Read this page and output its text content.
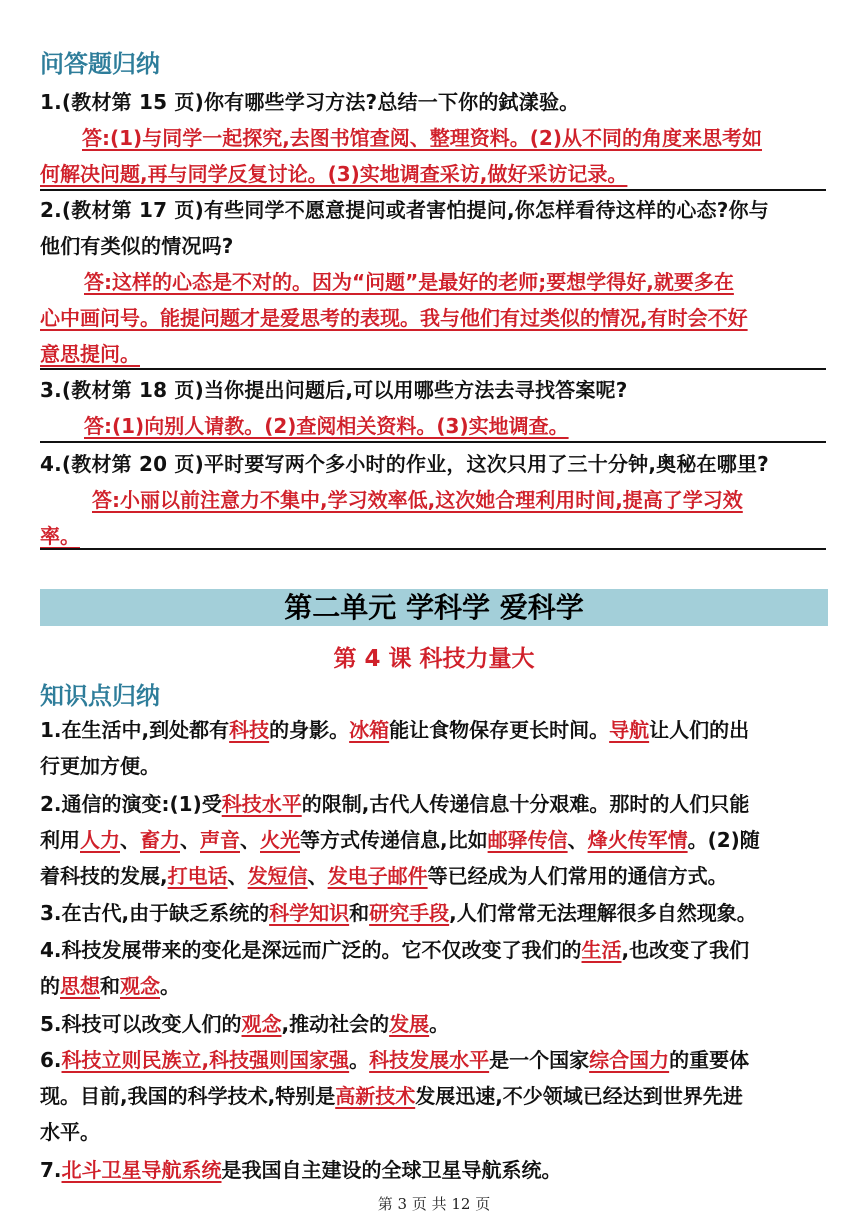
问答题归纳
1.(教材第 15 页)你有哪些学习方法?总结一下你的鉽漾验。
答:(1)与同学一起探究,去图书馆查阅、整理资料。(2)从不同的角度来思考如
何解决问题,再与同学反复讨论。(3)实地调查采访,做好采访记录。
2.(教材第 17 页)有些同学不愿意提问或者害怕提问,你怎样看待这样的心态?你与
他们有类似的情况吗?
答:这样的心态是不对的。因为“问题”是最好的老师;要想学得好,就要多在
心中画问号。能提问题才是爱思考的表现。我与他们有过类似的情况,有时会不好
意思提问。
3.(教材第 18 页)当你提出问题后,可以用哪些方法去寻找答案呢?
答:(1)向别人请教。(2)查阅相关资料。(3)实地调查。
4.(教材第 20 页)平时要写两个多小时的作业，这次只用了三十分钟,奥秘在哪里?
答:小丽以前注意力不集中,学习效率低,这次她合理利用时间,提高了学习效
率。
第二单元 学科学 爱科学
第 4 课 科技力量大
知识点归纳
1.在生活中,到处都有科技的身影。冰箱能让食物保存更长时间。导航让人们的出
行更加方便。
2.通信的演变:(1)受科技水平的限制,古代人传递信息十分艰难。那时的人们只能
利用人力、畜力、声音、火光等方式传递信息,比如邮驿传信、烽火传军情。(2)随
着科技的发展,打电话、发短信、发电子邮件等已经成为人们常用的通信方式。
3.在古代,由于缺乏系统的科学知识和研究手段,人们常常无法理解很多自然现象。
4.科技发展带来的变化是深远而广泛的。它不仅改变了我们的生活,也改变了我们
的思想和观念。
5.科技可以改变人们的观念,推动社会的发展。
6.科技立则民族立,科技强则国家强。科技发展水平是一个国家综合国力的重要体
现。目前,我国的科学技术,特别是高新技术发展迅速,不少领域已经达到世界先进
水平。
7.北斗卫星导航系统是我国自主建设的全球卫星导航系统。
第 3 页 共 12 页
